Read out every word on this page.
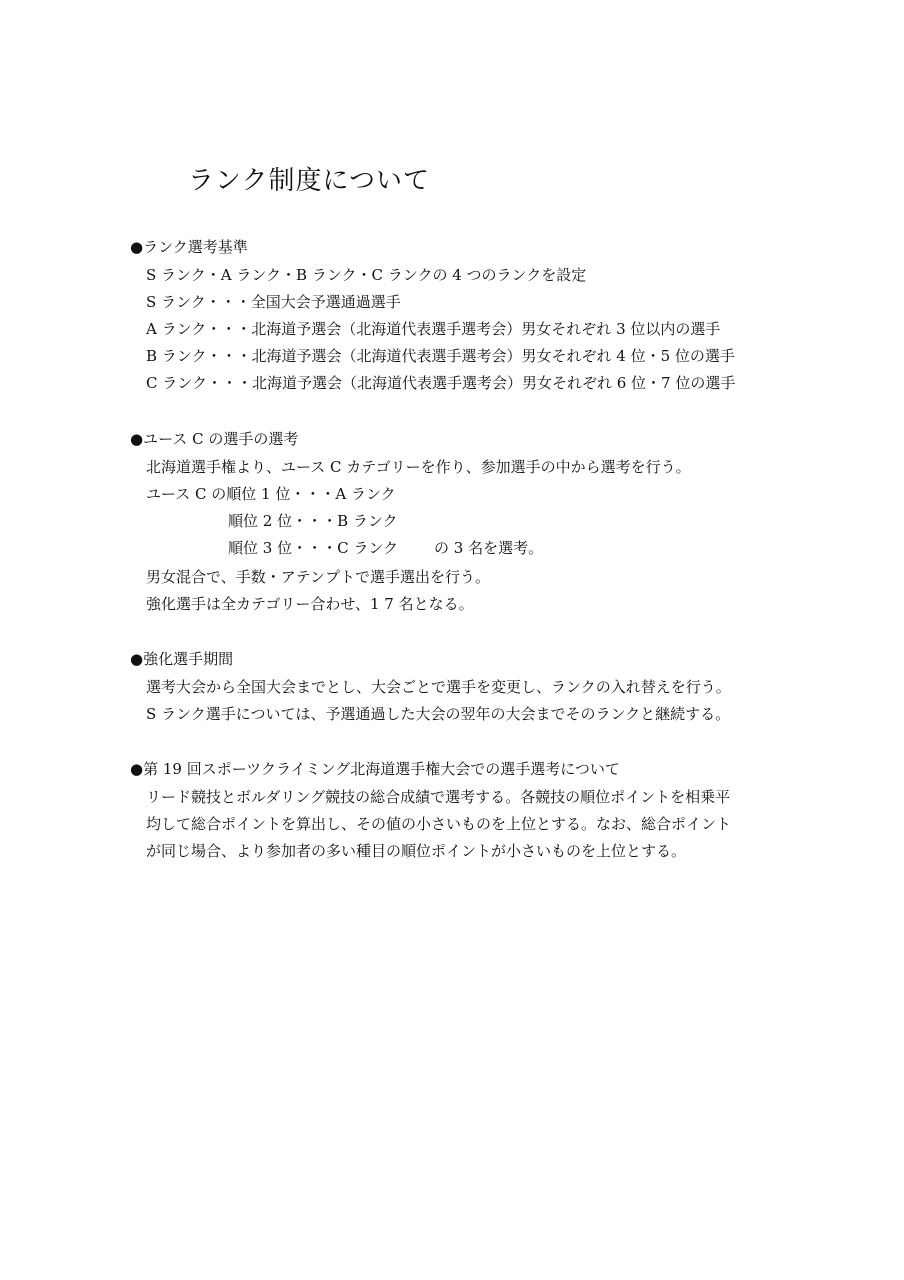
ランク制度について
●ランク選考基準
S ランク・A ランク・B ランク・C ランクの 4 つのランクを設定
S ランク・・・全国大会予選通過選手
A ランク・・・北海道予選会（北海道代表選手選考会）男女それぞれ 3 位以内の選手
B ランク・・・北海道予選会（北海道代表選手選考会）男女それぞれ 4 位・5 位の選手
C ランク・・・北海道予選会（北海道代表選手選考会）男女それぞれ 6 位・7 位の選手
●ユース C の選手の選考
北海道選手権より、ユース C カテゴリーを作り、参加選手の中から選考を行う。
ユース C の順位 1 位・・・A ランク
順位 2 位・・・B ランク
順位 3 位・・・C ランク の 3 名を選考。
男女混合で、手数・アテンプトで選手選出を行う。
強化選手は全カテゴリー合わせ、1 7 名となる。
●強化選手期間
選考大会から全国大会までとし、大会ごとで選手を変更し、ランクの入れ替えを行う。
S ランク選手については、予選通過した大会の翌年の大会までそのランクと継続する。
●第 19 回スポーツクライミング北海道選手権大会での選手選考について
リード競技とボルダリング競技の総合成績で選考する。各競技の順位ポイントを相乗平
均して総合ポイントを算出し、その値の小さいものを上位とする。なお、総合ポイント
が同じ場合、より参加者の多い種目の順位ポイントが小さいものを上位とする。
